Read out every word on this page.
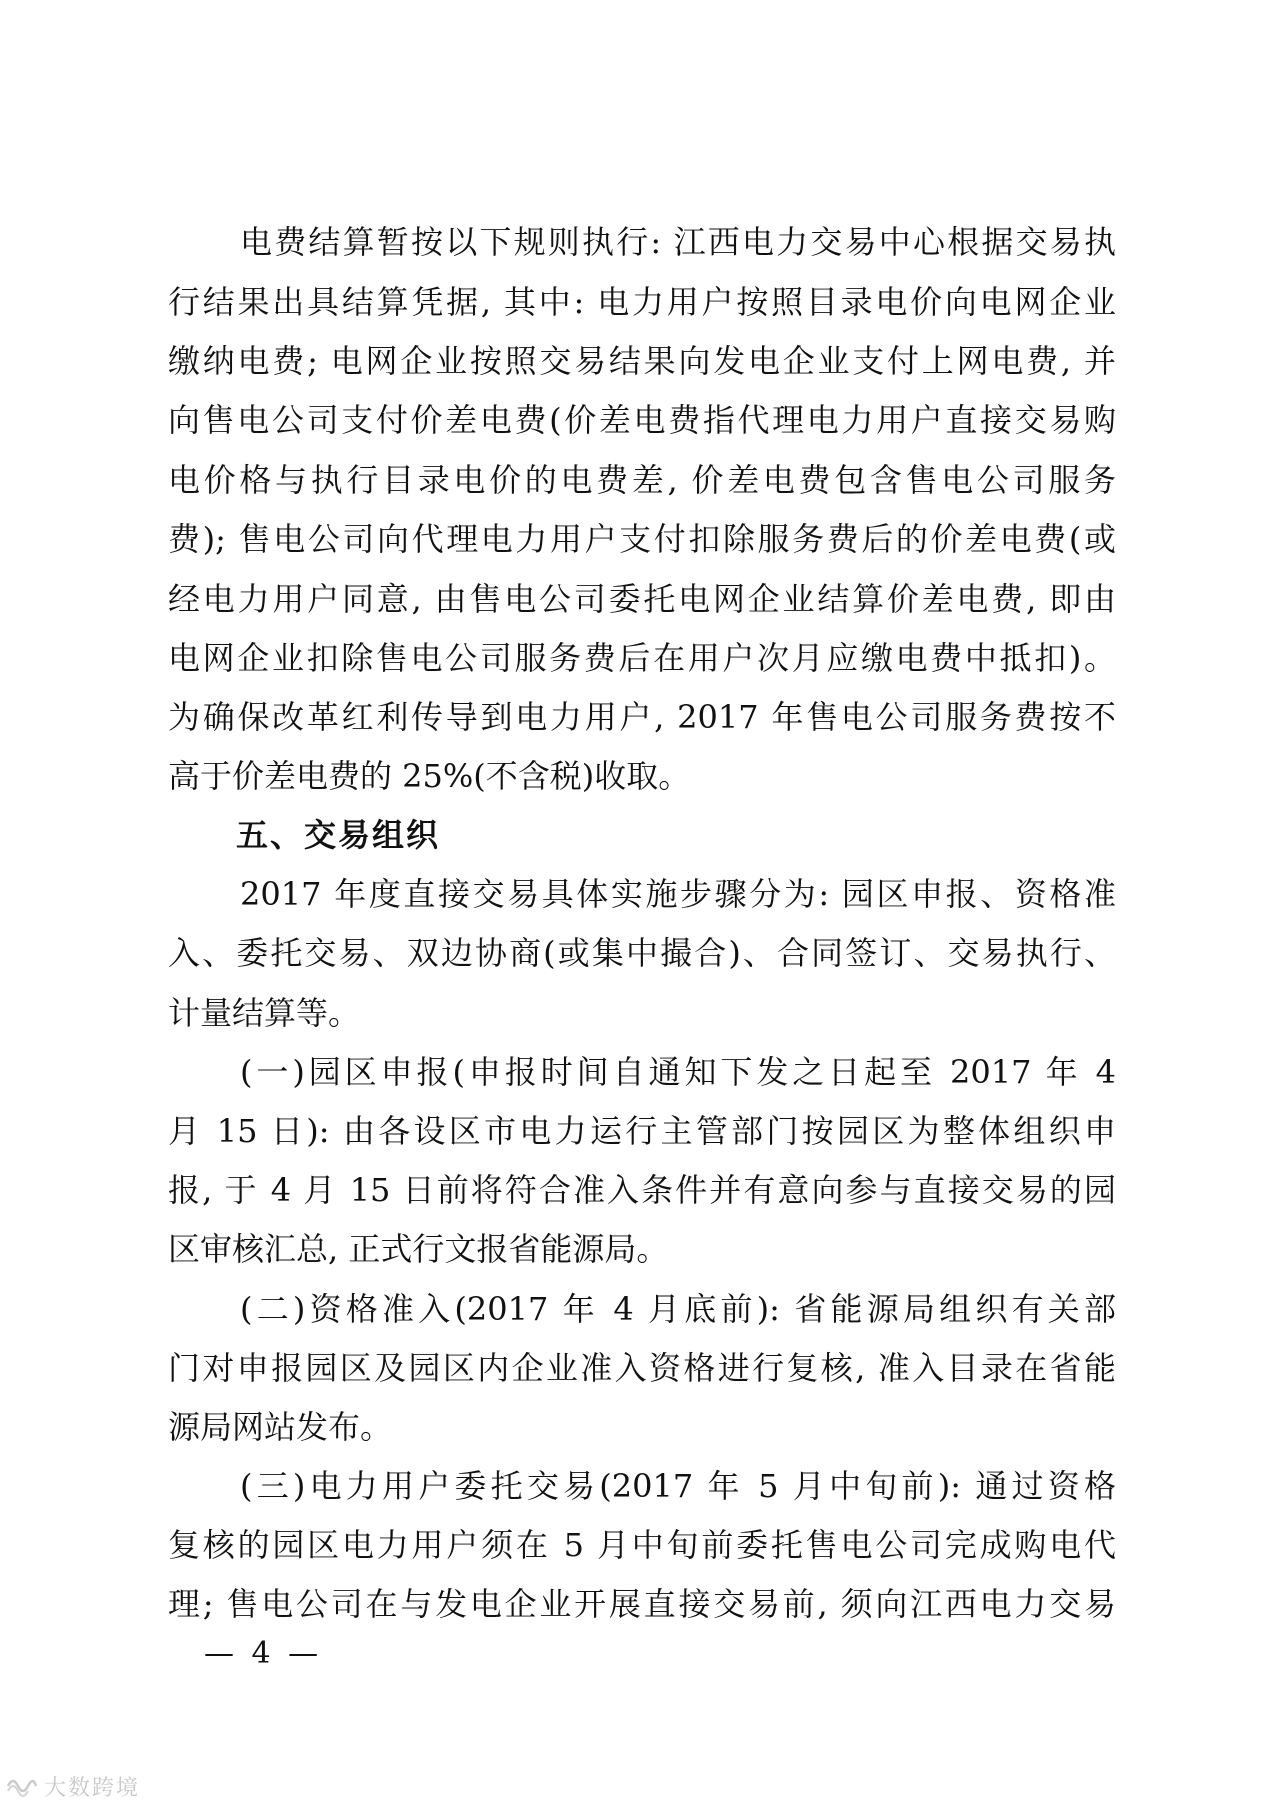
电费结算暂按以下规则执行: 江西电力交易中心根据交易执
行结果出具结算凭据, 其中: 电力用户按照目录电价向电网企业
缴纳电费; 电网企业按照交易结果向发电企业支付上网电费, 并
向售电公司支付价差电费(价差电费指代理电力用户直接交易购
电价格与执行目录电价的电费差, 价差电费包含售电公司服务
费); 售电公司向代理电力用户支付扣除服务费后的价差电费(或
经电力用户同意, 由售电公司委托电网企业结算价差电费, 即由
电网企业扣除售电公司服务费后在用户次月应缴电费中抵扣)。
为确保改革红利传导到电力用户, 2017 年售电公司服务费按不
高于价差电费的 25%(不含税)收取。
五、交易组织
2017 年度直接交易具体实施步骤分为: 园区申报、资格准
入、委托交易、双边协商(或集中撮合)、合同签订、交易执行、
计量结算等。
(一)园区申报(申报时间自通知下发之日起至 2017 年 4
月 15 日): 由各设区市电力运行主管部门按园区为整体组织申
报, 于 4 月 15 日前将符合准入条件并有意向参与直接交易的园
区审核汇总, 正式行文报省能源局。
(二)资格准入(2017 年 4 月底前): 省能源局组织有关部
门对申报园区及园区内企业准入资格进行复核, 准入目录在省能
源局网站发布。
(三)电力用户委托交易(2017 年 5 月中旬前): 通过资格
复核的园区电力用户须在 5 月中旬前委托售电公司完成购电代
理; 售电公司在与发电企业开展直接交易前, 须向江西电力交易
— 4 —
大数跨境
